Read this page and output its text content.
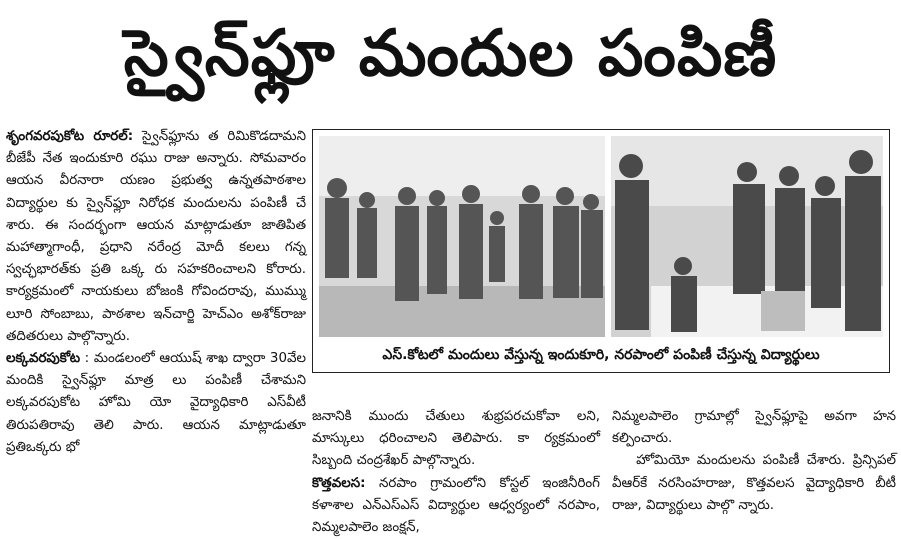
స్వైన్‌ఫ్లూ మందుల పంపిణీ

శృంగవరపుకోట రూరల్: స్వైన్‌ఫ్లూను త రిమికొడదామని బీజేపీ నేత ఇందుకూరి రఘు రాజు అన్నారు. సోమవారం ఆయన వీరనారా యణం ప్రభుత్వ ఉన్నతపాఠశాల విద్యార్థుల కు స్వైన్‌ఫ్లూ నిరోధక మందులను పంపిణీ చే శారు. ఈ సందర్భంగా ఆయన మాట్లాడుతూ జాతిపిత మహాత్మాగాంధీ, ప్రధాని నరేంద్ర మోదీ కలలు గన్న స్వచ్ఛభారత్‌కు ప్రతి ఒక్క రు సహకరించాలని కోరారు. కార్యక్రమంలో నాయకులు బోజంకి గోవిందరావు, ముమ్ము లూరి సోంబాబు, పాఠశాల ఇన్‌చార్జి హెచ్‌ఎం అశోక్‌రాజు తదితరులు పాల్గొన్నారు.

లక్కవరపుకోట : మండలంలో ఆయుష్ శాఖ ద్వారా 30వేల మందికి స్వైన్‌ఫ్లూ మాత్ర లు పంపిణీ చేశామని లక్కవరపుకోట హోమి యో వైద్యాధికారి ఎస్‌వీటీ తిరుపతిరావు తెలి పారు. ఆయన మాట్లాడుతూ ప్రతిఒక్కరు భో

ఎస్.కోటలో మందులు వేస్తున్న ఇందుకూరి, నరపాంలో పంపిణీ చేస్తున్న విద్యార్థులు

జనానికి ముందు చేతులు శుభ్రపరచుకోవా లని, మాస్కులు ధరించాలని తెలిపారు. కా ర్యక్రమంలో సిబ్బంది చంద్రశేఖర్ పాల్గొన్నారు.

కొత్తవలస: నరపాం గ్రామంలోని కోస్టల్ ఇంజినీరింగ్ కళాశాల ఎన్‌ఎస్‌ఎస్ విద్యార్థుల ఆధ్వర్యంలో నరపాం, నిమ్మలపాలెం జంక్షన్,

నిమ్మలపాలెం గ్రామాల్లో స్వైన్‌ఫ్లూపై అవగా హన కల్పించారు.

హోమియో మందులను పంపిణీ చేశారు. ప్రిన్సిపల్ వీఆర్‌కే నరసింహరాజు, కొత్తవలస వైద్యాధికారి బీటీ రాజు, విద్యార్థులు పాల్గొ న్నారు.
